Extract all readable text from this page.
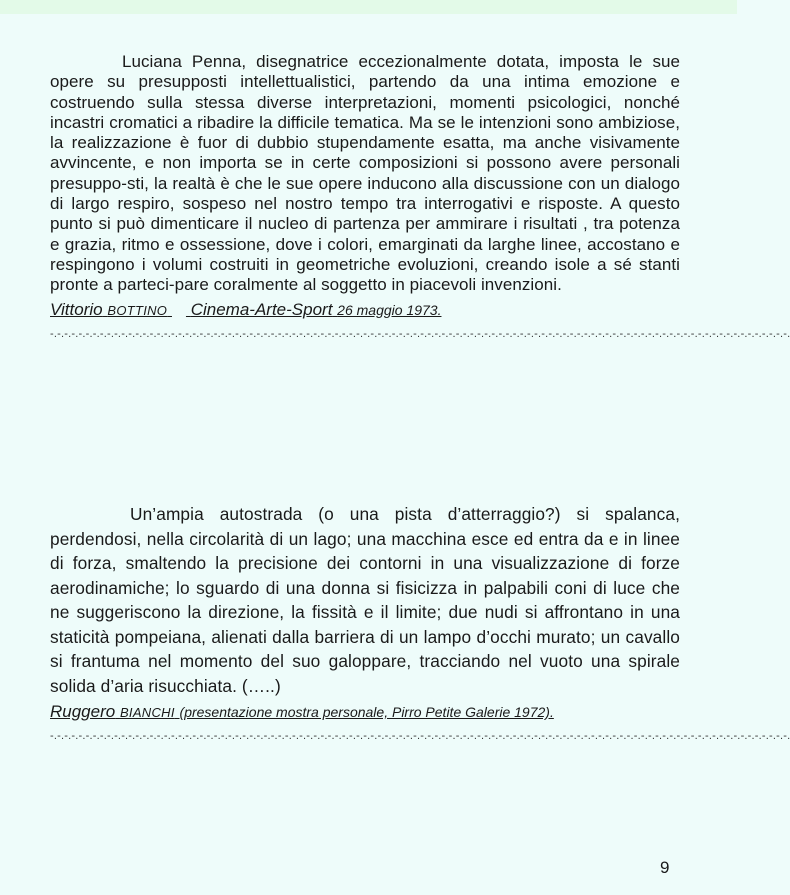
Luciana Penna, disegnatrice eccezionalmente dotata, imposta le sue opere su presupposti intellettualistici, partendo da una intima emozione e costruendo sulla stessa diverse interpretazioni, momenti psicologici, nonché incastri cromatici a ribadire la difficile tematica. Ma se le intenzioni sono ambiziose, la realizzazione è fuor di dubbio stupendamente esatta, ma anche visivamente avvincente, e non importa se in certe composizioni si possono avere personali presuppo-sti, la realtà è che le sue opere inducono alla discussione con un dialogo di largo respiro, sospeso nel nostro tempo tra interrogativi e risposte. A questo punto si può dimenticare il nucleo di partenza per ammirare i risultati , tra potenza e grazia, ritmo e ossessione, dove i colori, emarginati da larghe linee, accostano e respingono i volumi costruiti in geometriche evoluzioni, creando isole a sé stanti pronte a parteci-pare coralmente al soggetto in piacevoli invenzioni.

Vittorio BOTTINO Cinema-Arte-Sport 26 maggio 1973.
-.-.-.-.-.-.-.-.-.-.-.-.-.-.-.-.-.-.-.-.-.-.-.-.-.-.-.-.-.-.-.-.-.-.-.-.-.-.-.-.-.-.-.-.-.-.-.-.-.-.-.-.-.-.-.-.-.-.-.-.-.-.-.-.-.-.-.-.-.-.-.-.-.-.-.-.-.-.-.-.-.-.-.-.-.-.-.-.-.-.-.-.-.-.-.-.-.-.-.-.-.-.-.-.

Un’ampia autostrada (o una pista d’atterraggio?) si spalanca, perdendosi, nella circolarità di un lago; una macchina esce ed entra da e in linee di forza, smaltendo la precisione dei contorni in una visualizzazione di forze aerodinamiche; lo sguardo di una donna si fisicizza in palpabili coni di luce che ne suggeriscono la direzione, la fissità e il limite; due nudi si affrontano in una staticità pompeiana, alienati dalla barriera di un lampo d’occhi murato; un cavallo si frantuma nel momento del suo galoppare, tracciando nel vuoto una spirale solida d’aria risucchiata. (…..)

Ruggero BIANCHI (presentazione mostra personale, Pirro Petite Galerie 1972).
-.-.-.-.-.-.-.-.-.-.-.-.-.-.-.-.-.-.-.-.-.-.-.-.-.-.-.-.-.-.-.-.-.-.-.-.-.-.-.-.-.-.-.-.-.-.-.-.-.-.-.-.-.-.-.-.-.-.-.-.-.-.-.-.-.-.-.-.-.-.-.-.-.-.-.-.-.-.-.-.-.-.-.-.-.-.-.-.-.-.-.-.-.-.-.-.-.-.-.-.-.-.-.-.
9
